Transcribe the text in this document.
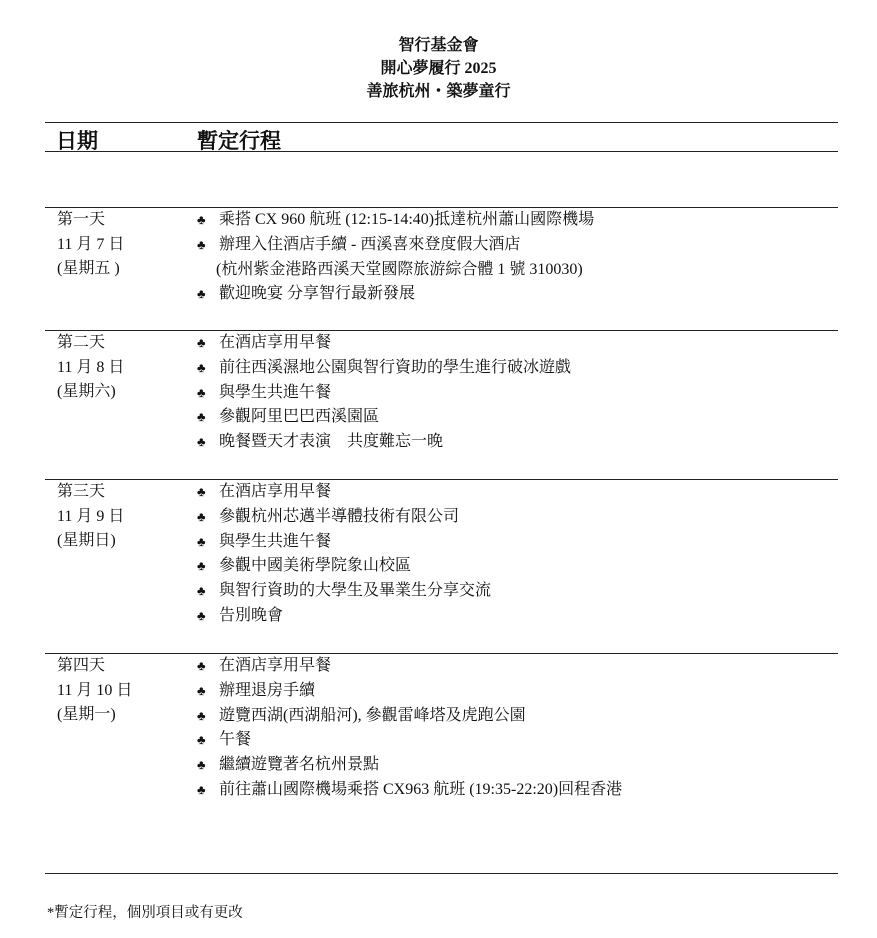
智行基金會
開心夢履行 2025
善旅杭州・築夢童行
日期	暫定行程
第一天
11 月 7 日
(星期五 )
♣ 乘搭 CX 960 航班 (12:15-14:40)抵達杭州蕭山國際機場
♣ 辦理入住酒店手續 - 西溪喜來登度假大酒店
(杭州紫金港路西溪天堂國際旅游綜合體 1 號 310030)
♣ 歡迎晚宴 分享智行最新發展
第二天
11 月 8 日
(星期六)
♣ 在酒店享用早餐
♣ 前往西溪濕地公園與智行資助的學生進行破冰遊戲
♣ 與學生共進午餐
♣ 參觀阿里巴巴西溪園區
♣ 晚餐暨天才表演　共度難忘一晚
第三天
11 月 9 日
(星期日)
♣ 在酒店享用早餐
♣ 參觀杭州芯邁半導體技術有限公司
♣ 與學生共進午餐
♣ 參觀中國美術學院象山校區
♣ 與智行資助的大學生及畢業生分享交流
♣ 告別晚會
第四天
11 月 10 日
(星期一)
♣ 在酒店享用早餐
♣ 辦理退房手續
♣ 遊覽西湖(西湖船河), 參觀雷峰塔及虎跑公園
♣ 午餐
♣ 繼續遊覽著名杭州景點
♣ 前往蕭山國際機場乘搭 CX963 航班 (19:35-22:20)回程香港
*暫定行程，個別項目或有更改
